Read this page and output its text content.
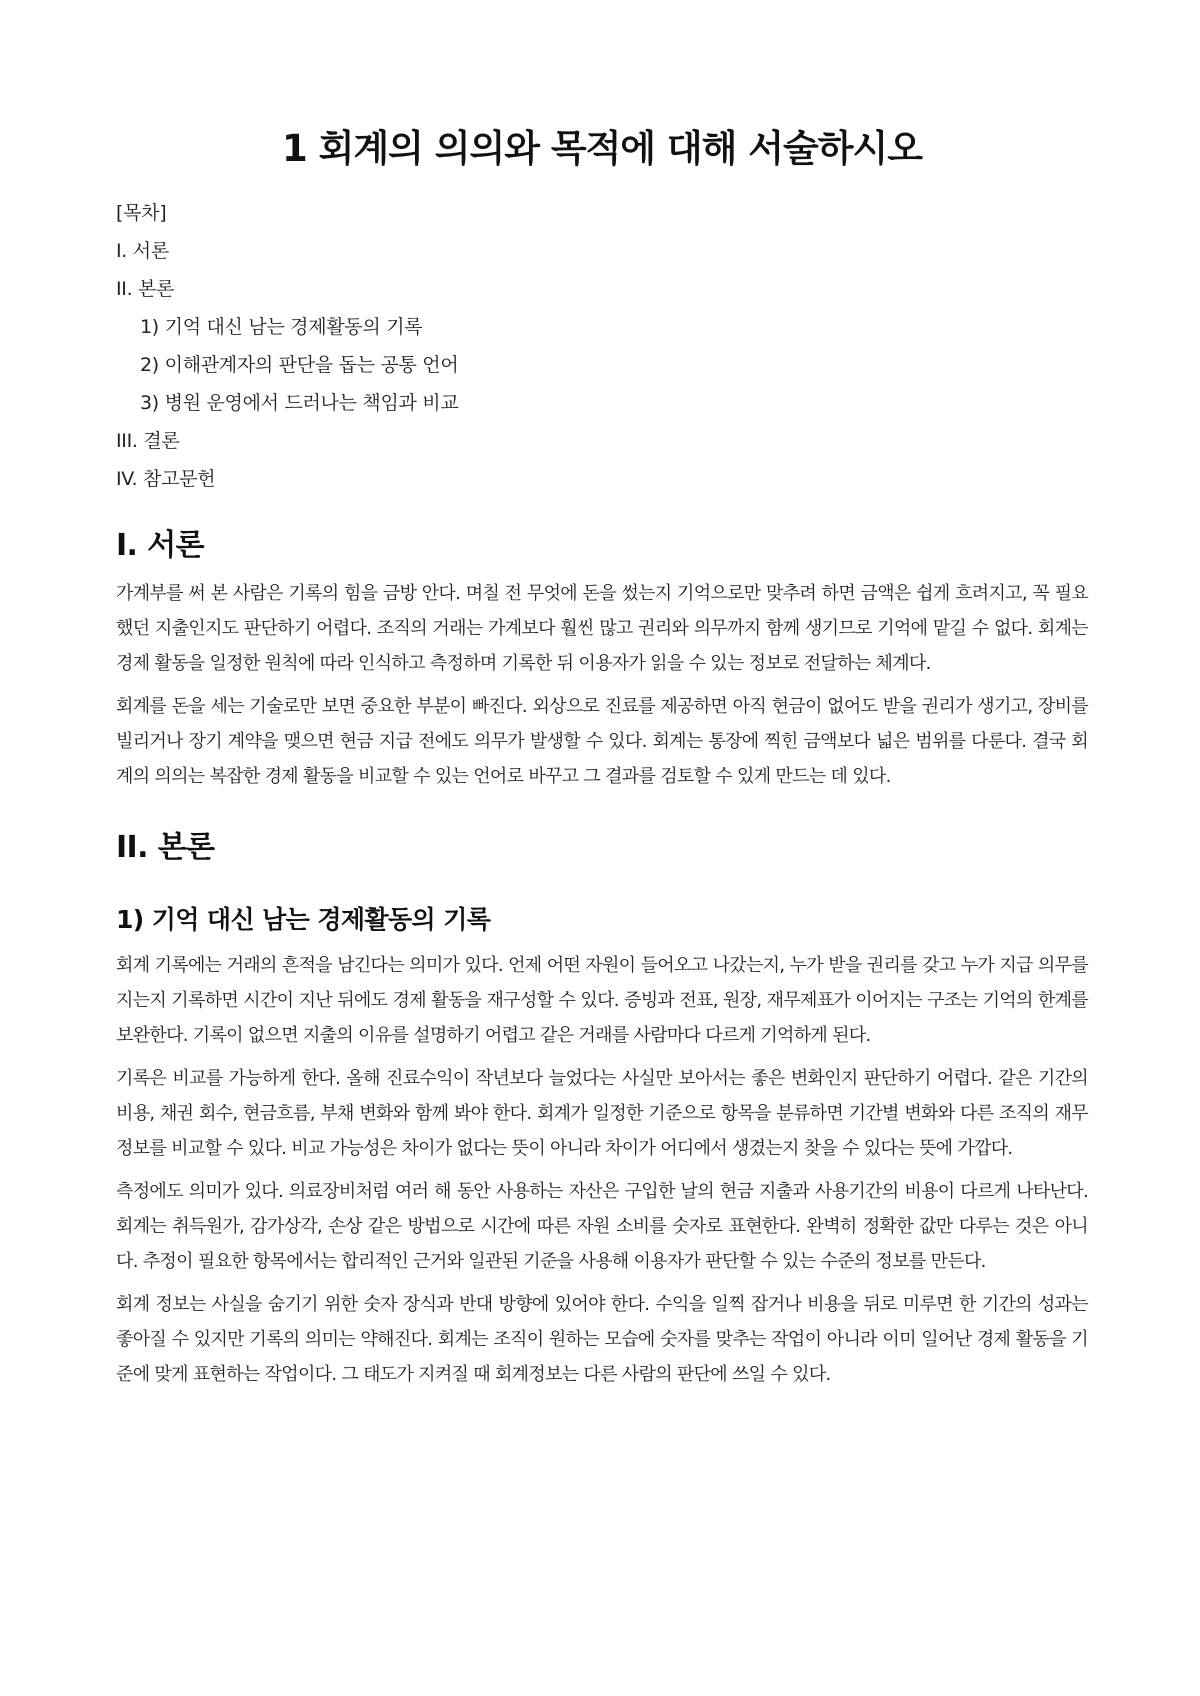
1 회계의 의의와 목적에 대해 서술하시오
[목차]
I. 서론
II. 본론
1) 기억 대신 남는 경제활동의 기록
2) 이해관계자의 판단을 돕는 공통 언어
3) 병원 운영에서 드러나는 책임과 비교
III. 결론
IV. 참고문헌
I. 서론

가계부를 써 본 사람은 기록의 힘을 금방 안다. 며칠 전 무엇에 돈을 썼는지 기억으로만 맞추려 하면 금액은 쉽게 흐려지고, 꼭 필요했던 지출인지도 판단하기 어렵다. 조직의 거래는 가계보다 훨씬 많고 권리와 의무까지 함께 생기므로 기억에 맡길 수 없다. 회계는 경제 활동을 일정한 원칙에 따라 인식하고 측정하며 기록한 뒤 이용자가 읽을 수 있는 정보로 전달하는 체계다.

회계를 돈을 세는 기술로만 보면 중요한 부분이 빠진다. 외상으로 진료를 제공하면 아직 현금이 없어도 받을 권리가 생기고, 장비를 빌리거나 장기 계약을 맺으면 현금 지급 전에도 의무가 발생할 수 있다. 회계는 통장에 찍힌 금액보다 넓은 범위를 다룬다. 결국 회계의 의의는 복잡한 경제 활동을 비교할 수 있는 언어로 바꾸고 그 결과를 검토할 수 있게 만드는 데 있다.

II. 본론
1) 기억 대신 남는 경제활동의 기록

회계 기록에는 거래의 흔적을 남긴다는 의미가 있다. 언제 어떤 자원이 들어오고 나갔는지, 누가 받을 권리를 갖고 누가 지급 의무를 지는지 기록하면 시간이 지난 뒤에도 경제 활동을 재구성할 수 있다. 증빙과 전표, 원장, 재무제표가 이어지는 구조는 기억의 한계를 보완한다. 기록이 없으면 지출의 이유를 설명하기 어렵고 같은 거래를 사람마다 다르게 기억하게 된다.

기록은 비교를 가능하게 한다. 올해 진료수익이 작년보다 늘었다는 사실만 보아서는 좋은 변화인지 판단하기 어렵다. 같은 기간의 비용, 채권 회수, 현금흐름, 부채 변화와 함께 봐야 한다. 회계가 일정한 기준으로 항목을 분류하면 기간별 변화와 다른 조직의 재무정보를 비교할 수 있다. 비교 가능성은 차이가 없다는 뜻이 아니라 차이가 어디에서 생겼는지 찾을 수 있다는 뜻에 가깝다.

측정에도 의미가 있다. 의료장비처럼 여러 해 동안 사용하는 자산은 구입한 날의 현금 지출과 사용기간의 비용이 다르게 나타난다. 회계는 취득원가, 감가상각, 손상 같은 방법으로 시간에 따른 자원 소비를 숫자로 표현한다. 완벽히 정확한 값만 다루는 것은 아니다. 추정이 필요한 항목에서는 합리적인 근거와 일관된 기준을 사용해 이용자가 판단할 수 있는 수준의 정보를 만든다.

회계 정보는 사실을 숨기기 위한 숫자 장식과 반대 방향에 있어야 한다. 수익을 일찍 잡거나 비용을 뒤로 미루면 한 기간의 성과는 좋아질 수 있지만 기록의 의미는 약해진다. 회계는 조직이 원하는 모습에 숫자를 맞추는 작업이 아니라 이미 일어난 경제 활동을 기준에 맞게 표현하는 작업이다. 그 태도가 지켜질 때 회계정보는 다른 사람의 판단에 쓰일 수 있다.
